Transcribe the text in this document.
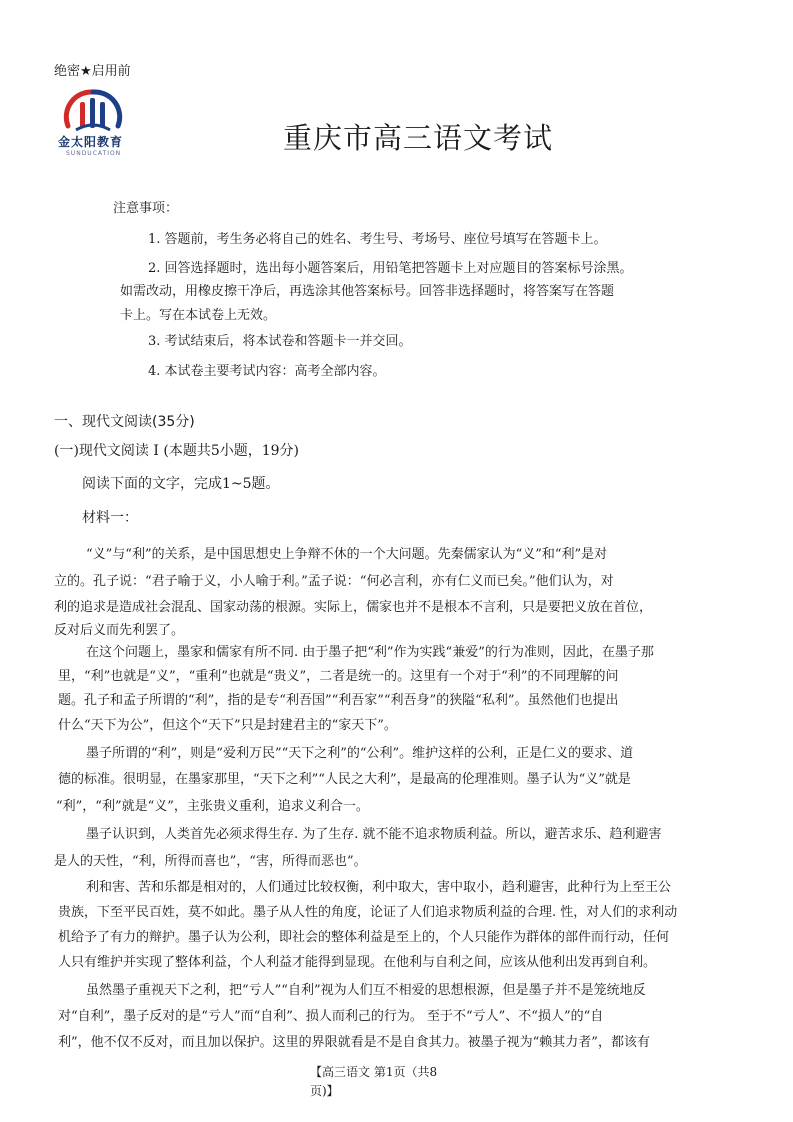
绝密★启用前
金太阳教育
SUNDUCATION	重庆市高三语文考试
注意事项：
1. 答题前，考生务必将自己的姓名、考生号、考场号、座位号填写在答题卡上。
2. 回答选择题时，选出每小题答案后，用铅笔把答题卡上对应题目的答案标号涂黑。
如需改动，用橡皮擦干净后，再选涂其他答案标号。回答非选择题时，将答案写在答题
卡上。写在本试卷上无效。
3. 考试结束后，将本试卷和答题卡一并交回。
4. 本试卷主要考试内容：高考全部内容。
一、现代文阅读(35分)
(一)现代文阅读 I (本题共5小题，19分)
阅读下面的文字，完成1~5题。
材料一：
“义”与“利”的关系，是中国思想史上争辩不休的一个大问题。先秦儒家认为“义”和“利”是对
立的。孔子说：“君子喻于义，小人喻于利。”孟子说：“何必言利，亦有仁义而已矣。”他们认为，对
利的追求是造成社会混乱、国家动荡的根源。实际上，儒家也并不是根本不言利，只是要把义放在首位，
反对后义而先利罢了。
在这个问题上，墨家和儒家有所不同. 由于墨子把“利”作为实践“兼爱”的行为准则，因此，在墨子那
里，“利”也就是“义”，“重利”也就是“贵义”，二者是统一的。这里有一个对于“利”的不同理解的问
题。孔子和孟子所谓的“利”，指的是专“利吾国”“利吾家”“利吾身”的狭隘“私利”。虽然他们也提出
什么“天下为公”，但这个“天下”只是封建君主的“家天下”。
墨子所谓的“利”，则是“爱利万民”“天下之利”的“公利”。维护这样的公利，正是仁义的要求、道
德的标准。很明显，在墨家那里，“天下之利”“人民之大利”，是最高的伦理准则。墨子认为“义”就是
“利”，“利”就是“义”，主张贵义重利，追求义利合一。
墨子认识到，人类首先必须求得生存. 为了生存. 就不能不追求物质利益。所以，避苦求乐、趋利避害
是人的天性，“利，所得而喜也”，“害，所得而恶也”。
利和害、苦和乐都是相对的，人们通过比较权衡，利中取大，害中取小，趋利避害，此种行为上至王公
贵族，下至平民百姓，莫不如此。墨子从人性的角度，论证了人们追求物质利益的合理. 性，对人们的求利动
机给予了有力的辩护。墨子认为公利，即社会的整体利益是至上的，个人只能作为群体的部件而行动，任何
人只有维护并实现了整体利益，个人利益才能得到显现。在他利与自利之间，应该从他利出发再到自利。
虽然墨子重视天下之利，把“亏人”“自利”视为人们互不相爱的思想根源，但是墨子并不是笼统地反
对“自利”，墨子反对的是“亏人”而“自利”、损人而利己的行为。 至于不“亏人”、不“损人”的“自
利”，他不仅不反对，而且加以保护。这里的界限就看是不是自食其力。被墨子视为“赖其力者”，都该有
【高三语文 第1页（共8
页)】
